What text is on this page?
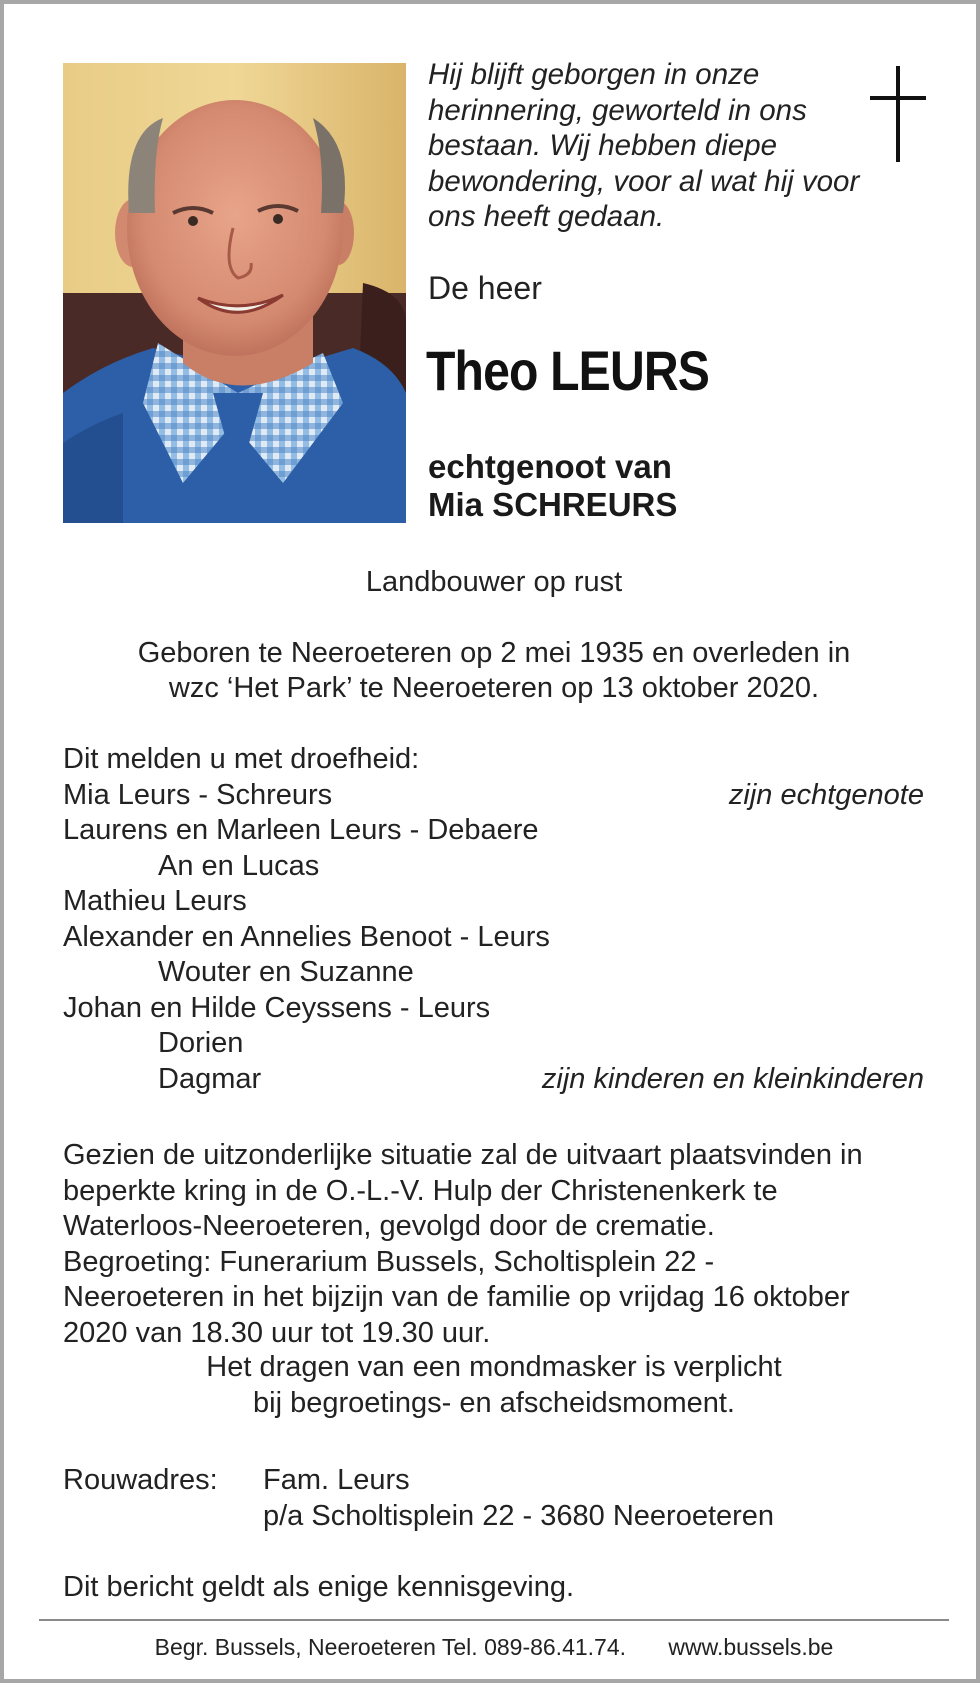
Hij blijft geborgen in onze
herinnering, geworteld in ons
bestaan. Wij hebben diepe
bewondering, voor al wat hij voor
ons heeft gedaan.
De heer
Theo LEURS
echtgenoot van
Mia SCHREURS
Landbouwer op rust
Geboren te Neeroeteren op 2 mei 1935 en overleden in
wzc ‘Het Park’ te Neeroeteren op 13 oktober 2020.
Dit melden u met droefheid:
Mia Leurs - Schreurs	zijn echtgenote
Laurens en Marleen Leurs - Debaere
An en Lucas
Mathieu Leurs
Alexander en Annelies Benoot - Leurs
Wouter en Suzanne
Johan en Hilde Ceyssens - Leurs
Dorien
Dagmar	zijn kinderen en kleinkinderen
Gezien de uitzonderlijke situatie zal de uitvaart plaatsvinden in
beperkte kring in de O.-L.-V. Hulp der Christenenkerk te
Waterloos-Neeroeteren, gevolgd door de crematie.
Begroeting: Funerarium Bussels, Scholtisplein 22 -
Neeroeteren in het bijzijn van de familie op vrijdag 16 oktober
2020 van 18.30 uur tot 19.30 uur.
Het dragen van een mondmasker is verplicht
bij begroetings- en afscheidsmoment.
Rouwadres: Fam. Leurs
p/a Scholtisplein 22 - 3680 Neeroeteren
Dit bericht geldt als enige kennisgeving.
Begr. Bussels, Neeroeteren Tel. 089-86.41.74. www.bussels.be
